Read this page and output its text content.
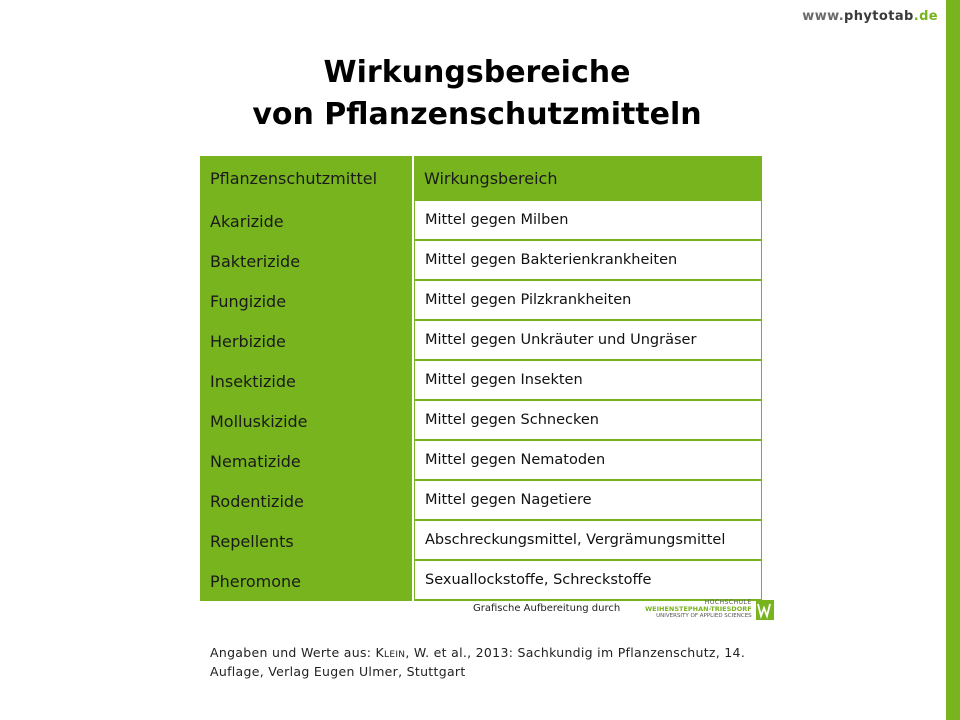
www.phytotab.de
Wirkungsbereiche
von Pflanzenschutzmitteln
Pflanzenschutzmittel	Wirkungsbereich
Akarizide	Mittel gegen Milben
Bakterizide	Mittel gegen Bakterienkrankheiten
Fungizide	Mittel gegen Pilzkrankheiten
Herbizide	Mittel gegen Unkräuter und Ungräser
Insektizide	Mittel gegen Insekten
Molluskizide	Mittel gegen Schnecken
Nematizide	Mittel gegen Nematoden
Rodentizide	Mittel gegen Nagetiere
Repellents	Abschreckungsmittel, Vergrämungsmittel
Pheromone	Sexuallockstoffe, Schreckstoffe
Grafische Aufbereitung durch
HOCHSCHULE
WEIHENSTEPHAN-TRIESDORF
UNIVERSITY OF APPLIED SCIENCES
Angaben und Werte aus: Klein, W. et al., 2013: Sachkundig im Pflanzenschutz, 14. Auflage, Verlag Eugen Ulmer, Stuttgart
